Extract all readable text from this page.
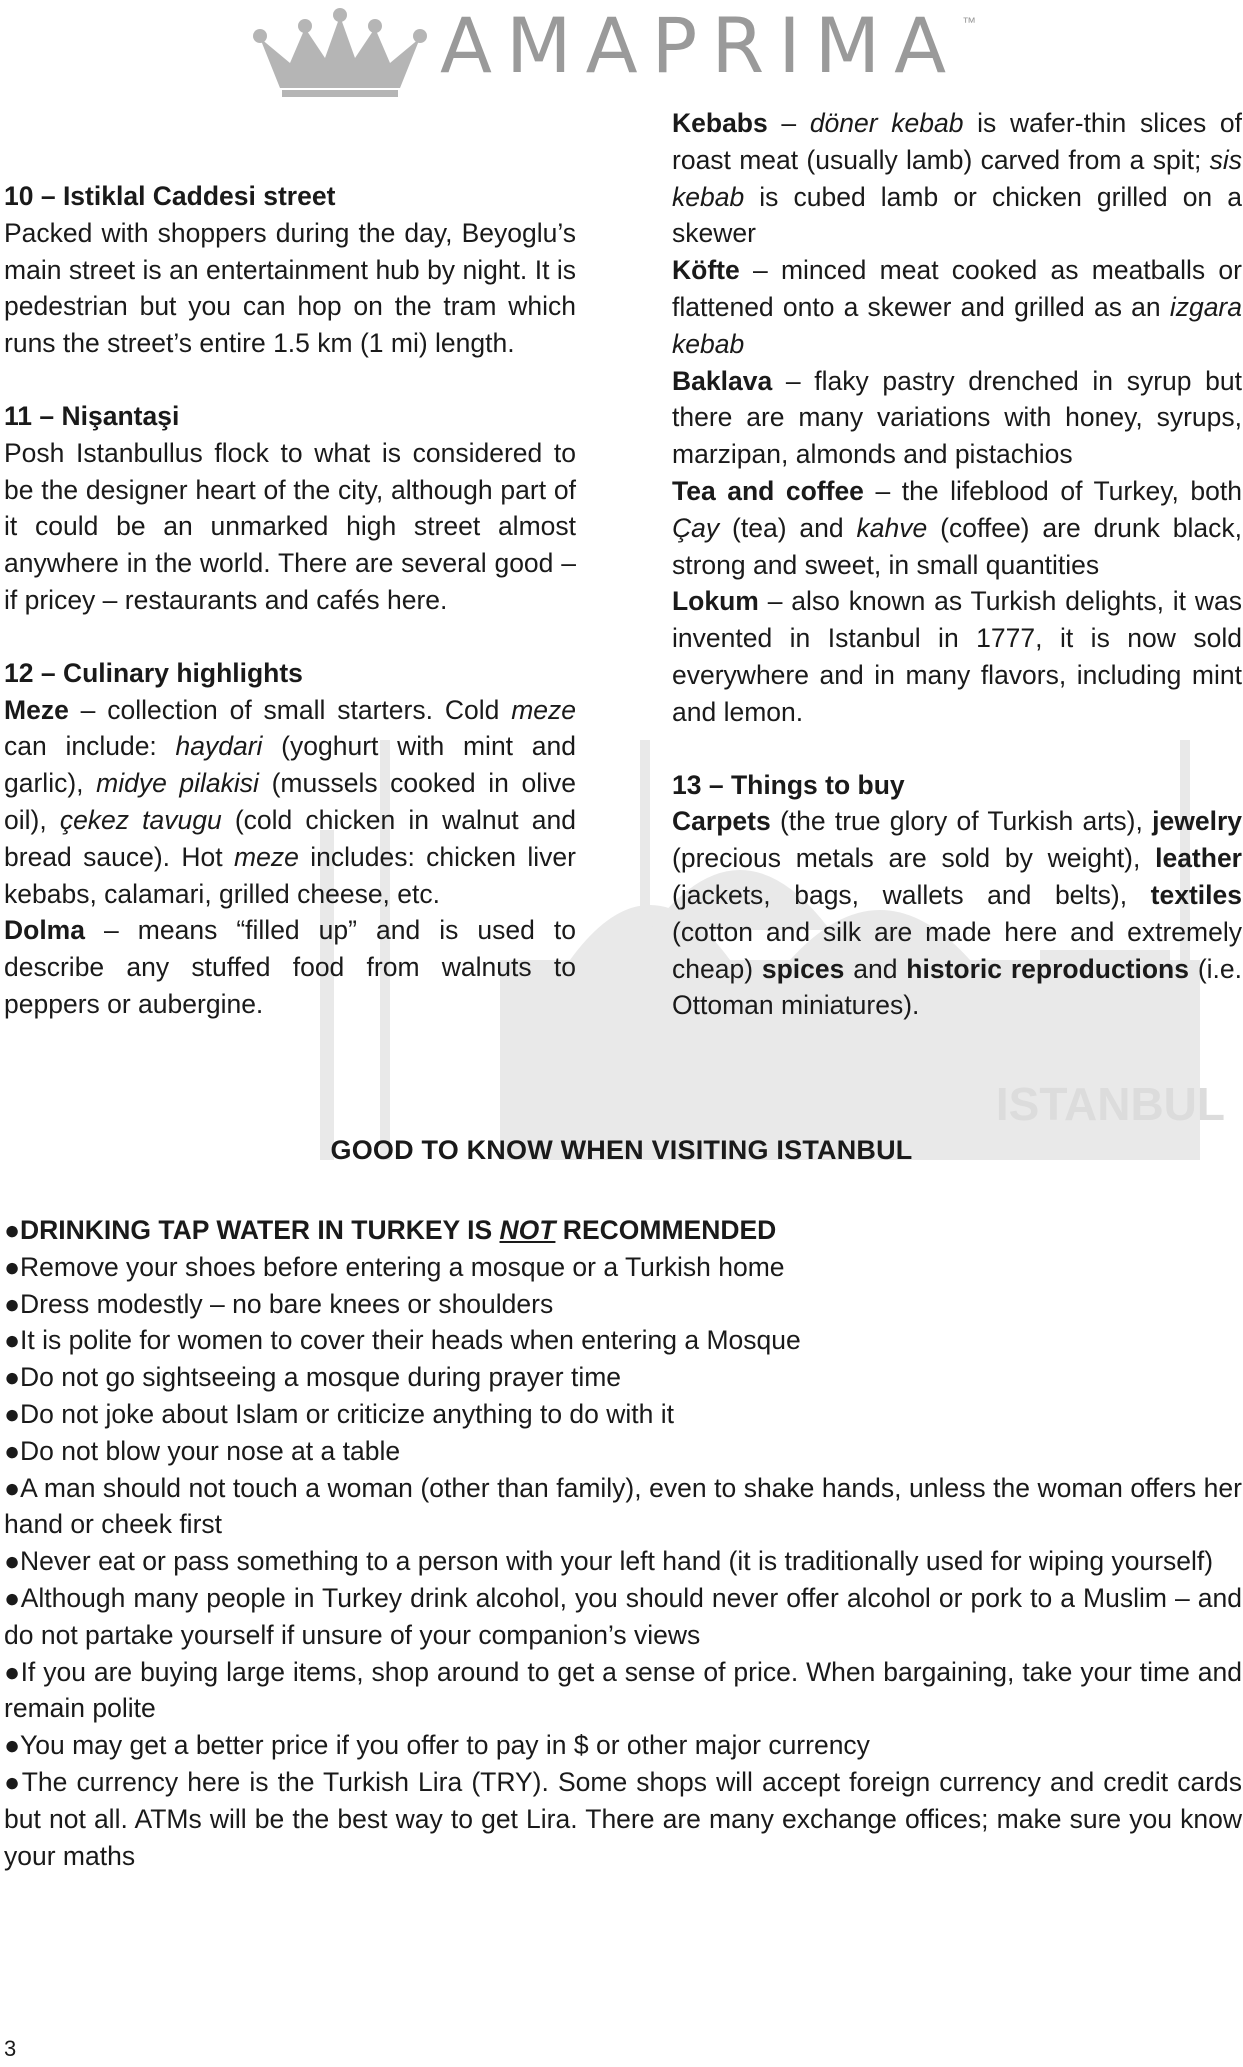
AMAPRIMA ™
ISTANBUL
10 – Istiklal Caddesi street

Packed with shoppers during the day, Beyoglu’s main street is an entertainment hub by night. It is pedestrian but you can hop on the tram which runs the street’s entire 1.5 km (1 mi) length.

11 – Nişantaşi

Posh Istanbullus flock to what is considered to be the designer heart of the city, although part of it could be an unmarked high street almost anywhere in the world. There are several good – if pricey – restaurants and cafés here.

12 – Culinary highlights

Meze – collection of small starters. Cold meze can include: haydari (yoghurt with mint and garlic), midye pilakisi (mussels cooked in olive oil), çekez tavugu (cold chicken in walnut and bread sauce). Hot meze includes: chicken liver kebabs, calamari, grilled cheese, etc.

Dolma – means “filled up” and is used to describe any stuffed food from walnuts to peppers or aubergine.

Kebabs – döner kebab is wafer-thin slices of roast meat (usually lamb) carved from a spit; sis kebab is cubed lamb or chicken grilled on a skewer

Köfte – minced meat cooked as meatballs or flattened onto a skewer and grilled as an izgara kebab

Baklava – flaky pastry drenched in syrup but there are many variations with honey, syrups, marzipan, almonds and pistachios

Tea and coffee – the lifeblood of Turkey, both Çay (tea) and kahve (coffee) are drunk black, strong and sweet, in small quantities

Lokum – also known as Turkish delights, it was invented in Istanbul in 1777, it is now sold everywhere and in many flavors, including mint and lemon.

13 – Things to buy

Carpets (the true glory of Turkish arts), jewelry (precious metals are sold by weight), leather (jackets, bags, wallets and belts), textiles (cotton and silk are made here and extremely cheap) spices and historic reproductions (i.e. Ottoman miniatures).

GOOD TO KNOW WHEN VISITING ISTANBUL
●DRINKING TAP WATER IN TURKEY IS NOT RECOMMENDED
●Remove your shoes before entering a mosque or a Turkish home
●Dress modestly – no bare knees or shoulders
●It is polite for women to cover their heads when entering a Mosque
●Do not go sightseeing a mosque during prayer time
●Do not joke about Islam or criticize anything to do with it
●Do not blow your nose at a table
●A man should not touch a woman (other than family), even to shake hands, unless the woman offers her hand or cheek first
●Never eat or pass something to a person with your left hand (it is traditionally used for wiping yourself)
●Although many people in Turkey drink alcohol, you should never offer alcohol or pork to a Muslim – and do not partake yourself if unsure of your companion’s views
●If you are buying large items, shop around to get a sense of price. When bargaining, take your time and remain polite
●You may get a better price if you offer to pay in $ or other major currency
●The currency here is the Turkish Lira (TRY). Some shops will accept foreign currency and credit cards but not all. ATMs will be the best way to get Lira. There are many exchange offices; make sure you know your maths
3
